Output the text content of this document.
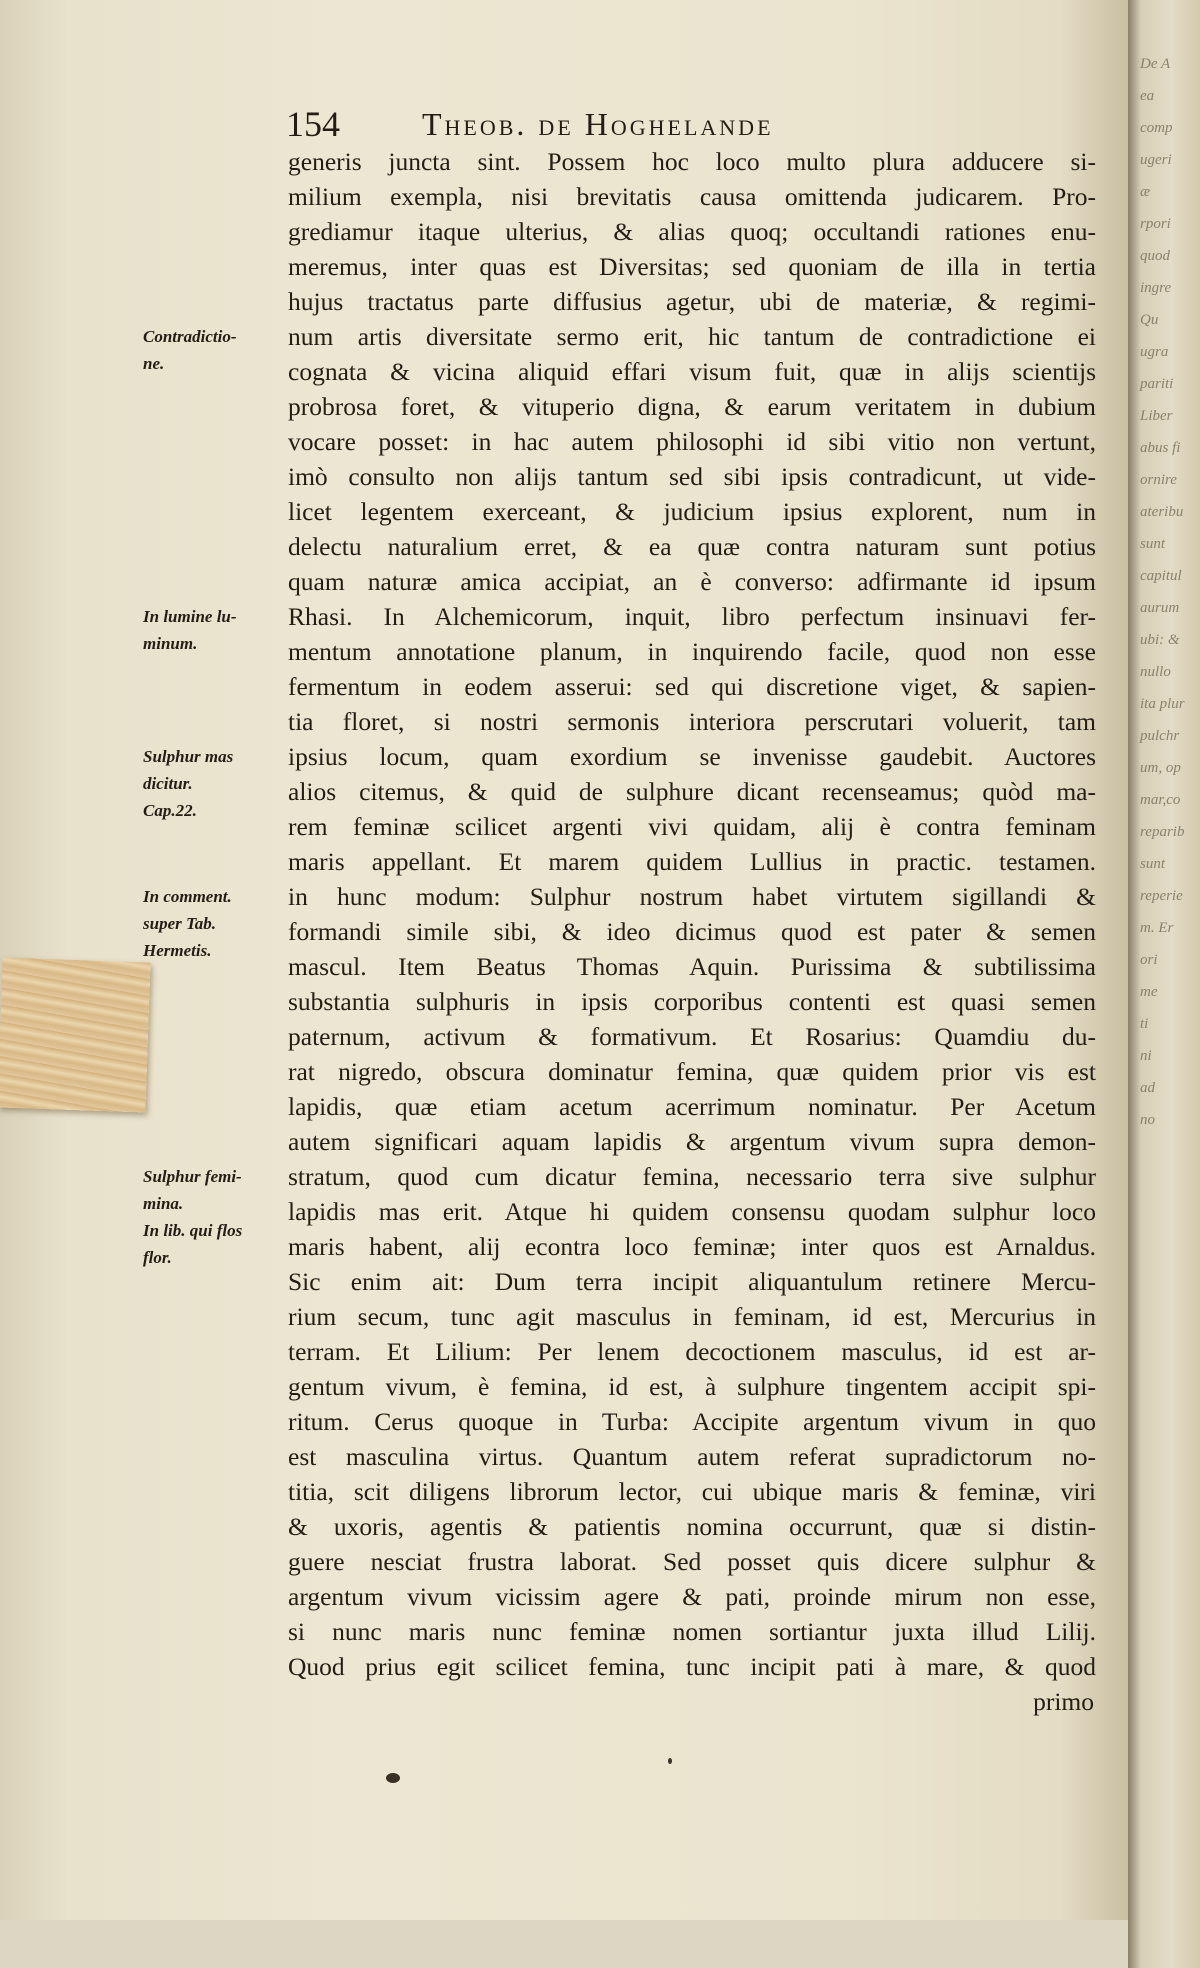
154	Theob. de Hoghelande
generis juncta sint. Possem hoc loco multo plura adducere si-
milium exempla, nisi brevitatis causa omittenda judicarem. Pro-
grediamur itaque ulterius, & alias quoq; occultandi rationes enu-
meremus, inter quas est Diversitas; sed quoniam de illa in tertia
hujus tractatus parte diffusius agetur, ubi de materiæ, & regimi-
num artis diversitate sermo erit, hic tantum de contradictione ei
cognata & vicina aliquid effari visum fuit, quæ in alijs scientijs
probrosa foret, & vituperio digna, & earum veritatem in dubium
vocare posset: in hac autem philosophi id sibi vitio non vertunt,
imò consulto non alijs tantum sed sibi ipsis contradicunt, ut vide-
licet legentem exerceant, & judicium ipsius explorent, num in
delectu naturalium erret, & ea quæ contra naturam sunt potius
quam naturæ amica accipiat, an è converso: adfirmante id ipsum
Rhasi. In Alchemicorum, inquit, libro perfectum insinuavi fer-
mentum annotatione planum, in inquirendo facile, quod non esse
fermentum in eodem asserui: sed qui discretione viget, & sapien-
tia floret, si nostri sermonis interiora perscrutari voluerit, tam
ipsius locum, quam exordium se invenisse gaudebit. Auctores
alios citemus, & quid de sulphure dicant recenseamus; quòd ma-
rem feminæ scilicet argenti vivi quidam, alij è contra feminam
maris appellant. Et marem quidem Lullius in practic. testamen.
in hunc modum: Sulphur nostrum habet virtutem sigillandi &
formandi simile sibi, & ideo dicimus quod est pater & semen
mascul. Item Beatus Thomas Aquin. Purissima & subtilissima
substantia sulphuris in ipsis corporibus contenti est quasi semen
paternum, activum & formativum. Et Rosarius: Quamdiu du-
rat nigredo, obscura dominatur femina, quæ quidem prior vis est
lapidis, quæ etiam acetum acerrimum nominatur. Per Acetum
autem significari aquam lapidis & argentum vivum supra demon-
stratum, quod cum dicatur femina, necessario terra sive sulphur
lapidis mas erit. Atque hi quidem consensu quodam sulphur loco
maris habent, alij econtra loco feminæ; inter quos est Arnaldus.
Sic enim ait: Dum terra incipit aliquantulum retinere Mercu-
rium secum, tunc agit masculus in feminam, id est, Mercurius in
terram. Et Lilium: Per lenem decoctionem masculus, id est ar-
gentum vivum, è femina, id est, à sulphure tingentem accipit spi-
ritum. Cerus quoque in Turba: Accipite argentum vivum in quo
est masculina virtus. Quantum autem referat supradictorum no-
titia, scit diligens librorum lector, cui ubique maris & feminæ, viri
& uxoris, agentis & patientis nomina occurrunt, quæ si distin-
guere nesciat frustra laborat. Sed posset quis dicere sulphur &
argentum vivum vicissim agere & pati, proinde mirum non esse,
si nunc maris nunc feminæ nomen sortiantur juxta illud Lilij.
Quod prius egit scilicet femina, tunc incipit pati à mare, & quod
primo
Contradictio-
ne.
In lumine lu-
minum.
Sulphur mas
dicitur.
Cap.22.
In comment.
super Tab.
Hermetis.
Sulphur femi-
mina.
In lib. qui flos
flor.
De A
ea
comp
ugeri
æ
rpori
quod
ingre
Qu
ugra
pariti
Liber
abus fi
ornire
ateribu
sunt
capitul
aurum
ubi: &
nullo
ita plur
pulchr
um, op
mar,co
reparib
sunt
reperie
m. Er
ori
me
ti
ni
ad
no
